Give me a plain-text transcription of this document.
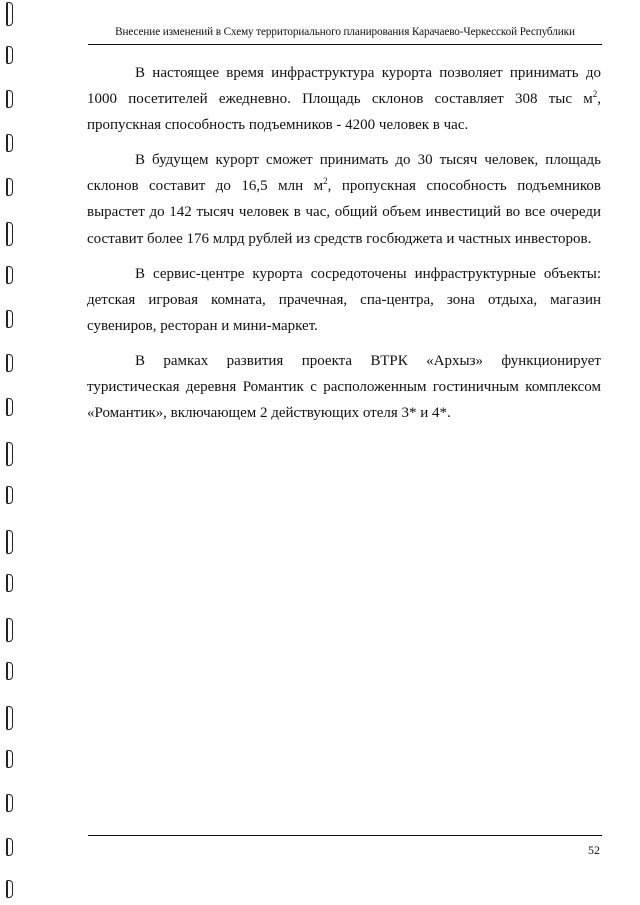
Внесение изменений в Схему территориального планирования Карачаево-Черкесской Республики

В настоящее время инфраструктура курорта позволяет принимать до 1000 посетителей ежедневно. Площадь склонов составляет 308 тыс $м^2$, пропускная способность подъемников - 4200 человек в час.

В будущем курорт сможет принимать до 30 тысяч человек, площадь склонов составит до 16,5 млн $м^2$, пропускная способность подъемников вырастет до 142 тысяч человек в час, общий объем инвестиций во все очереди составит более 176 млрд рублей из средств госбюджета и частных инвесторов.

В сервис-центре курорта сосредоточены инфраструктурные объекты: детская игровая комната, прачечная, спа-центра, зона отдыха, магазин сувениров, ресторан и мини-маркет.

В рамках развития проекта ВТРК «Архыз» функционирует туристическая деревня Романтик с расположенным гостиничным комплексом «Романтик», включающем 2 действующих отеля 3* и 4*.

52
